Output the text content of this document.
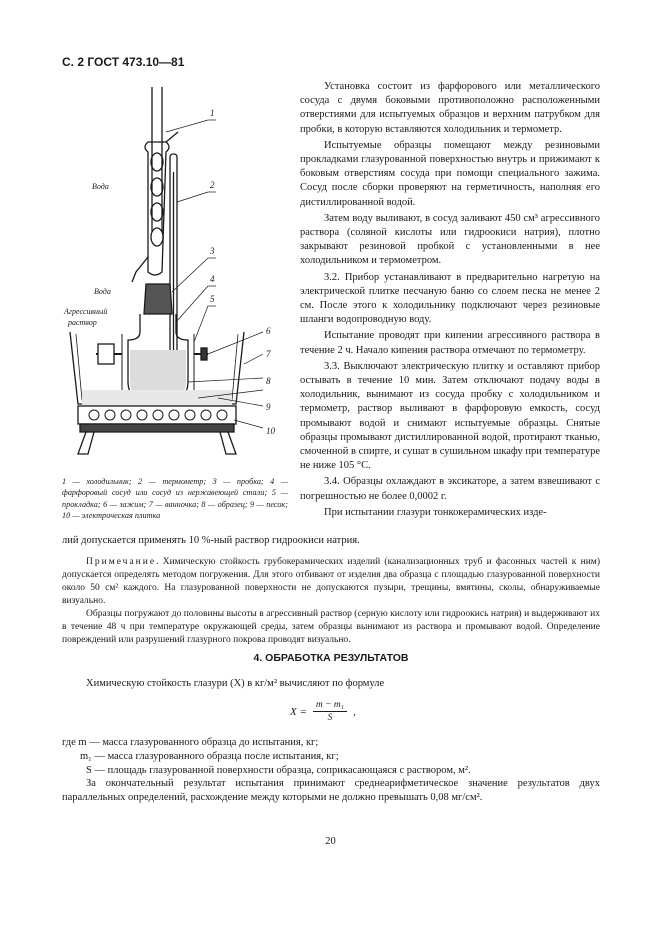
С. 2 ГОСТ 473.10—81
1
2
3
4
5
6
7
8
9
10
Вода
Вода
Агрессивный
раствор
1 — холодильник; 2 — термометр; 3 — пробка; 4 — фарфоровый сосуд или сосуд из нержавеющей стали; 5 — прокладка; 6 — зажим; 7 — ванночка; 8 — образец; 9 — песок; 10 — электрическая плитка

Установка состоит из фарфорового или металлического сосуда с двумя боковыми противоположно расположенными отверстиями для испытуемых образцов и верхним патрубком для пробки, в которую вставляются холодильник и термометр.

Испытуемые образцы помещают между резиновыми прокладками глазурованной поверхностью внутрь и прижимают к боковым отверстиям сосуда при помощи специального зажима. Сосуд после сборки проверяют на герметичность, наполняя его дистиллированной водой.

Затем воду выливают, в сосуд заливают 450 см³ агрессивного раствора (соляной кислоты или гидроокиси натрия), плотно закрывают резиновой пробкой с установленными в нее холодильником и термометром.

3.2. Прибор устанавливают в предварительно нагретую на электрической плитке песчаную баню со слоем песка не менее 2 см. После этого к холодильнику подключают через резиновые шланги водопроводную воду.

Испытание проводят при кипении агрессивного раствора в течение 2 ч. Начало кипения раствора отмечают по термометру.

3.3. Выключают электрическую плитку и оставляют прибор остывать в течение 10 мин. Затем отключают подачу воды в холодильник, вынимают из сосуда пробку с холодильником и термометр, раствор выливают в фарфоровую емкость, сосуд промывают водой и снимают испытуемые образцы. Снятые образцы промывают дистиллированной водой, протирают тканью, смоченной в спирте, и сушат в сушильном шкафу при температуре не ниже 105 °С.

3.4. Образцы охлаждают в эксикаторе, а затем взвешивают с погрешностью не более 0,0002 г.

При испытании глазури тонкокерамических изде-

лий допускается применять 10 %-ный раствор гидроокиси натрия.

Примечание. Химическую стойкость грубокерамических изделий (канализационных труб и фасонных частей к ним) допускается определять методом погружения. Для этого отбивают от изделия два образца с площадью глазурованной поверхности около 50 см² каждого. На глазурованной поверхности не допускаются пузыри, трещины, вмятины, сколы, обнаруживаемые визуально.

Образцы погружают до половины высоты в агрессивный раствор (серную кислоту или гидроокись натрия) и выдерживают их в течение 48 ч при температуре окружающей среды, затем образцы вынимают из раствора и промывают водой. Определение повреждений или разрушений глазурного покрова проводят визуально.

4. ОБРАБОТКА РЕЗУЛЬТАТОВ

Химическую стойкость глазури (X) в кг/м² вычисляют по формуле

$X = \frac{\text{m − m₁}}{S}$ ,

где m — масса глазурованного образца до испытания, кг;

m₁ — масса глазурованного образца после испытания, кг;

S — площадь глазурованной поверхности образца, соприкасающаяся с раствором, м².

За окончательный результат испытания принимают среднеарифметическое значение результатов двух параллельных определений, расхождение между которыми не должно превышать 0,08 мг/см².

20
